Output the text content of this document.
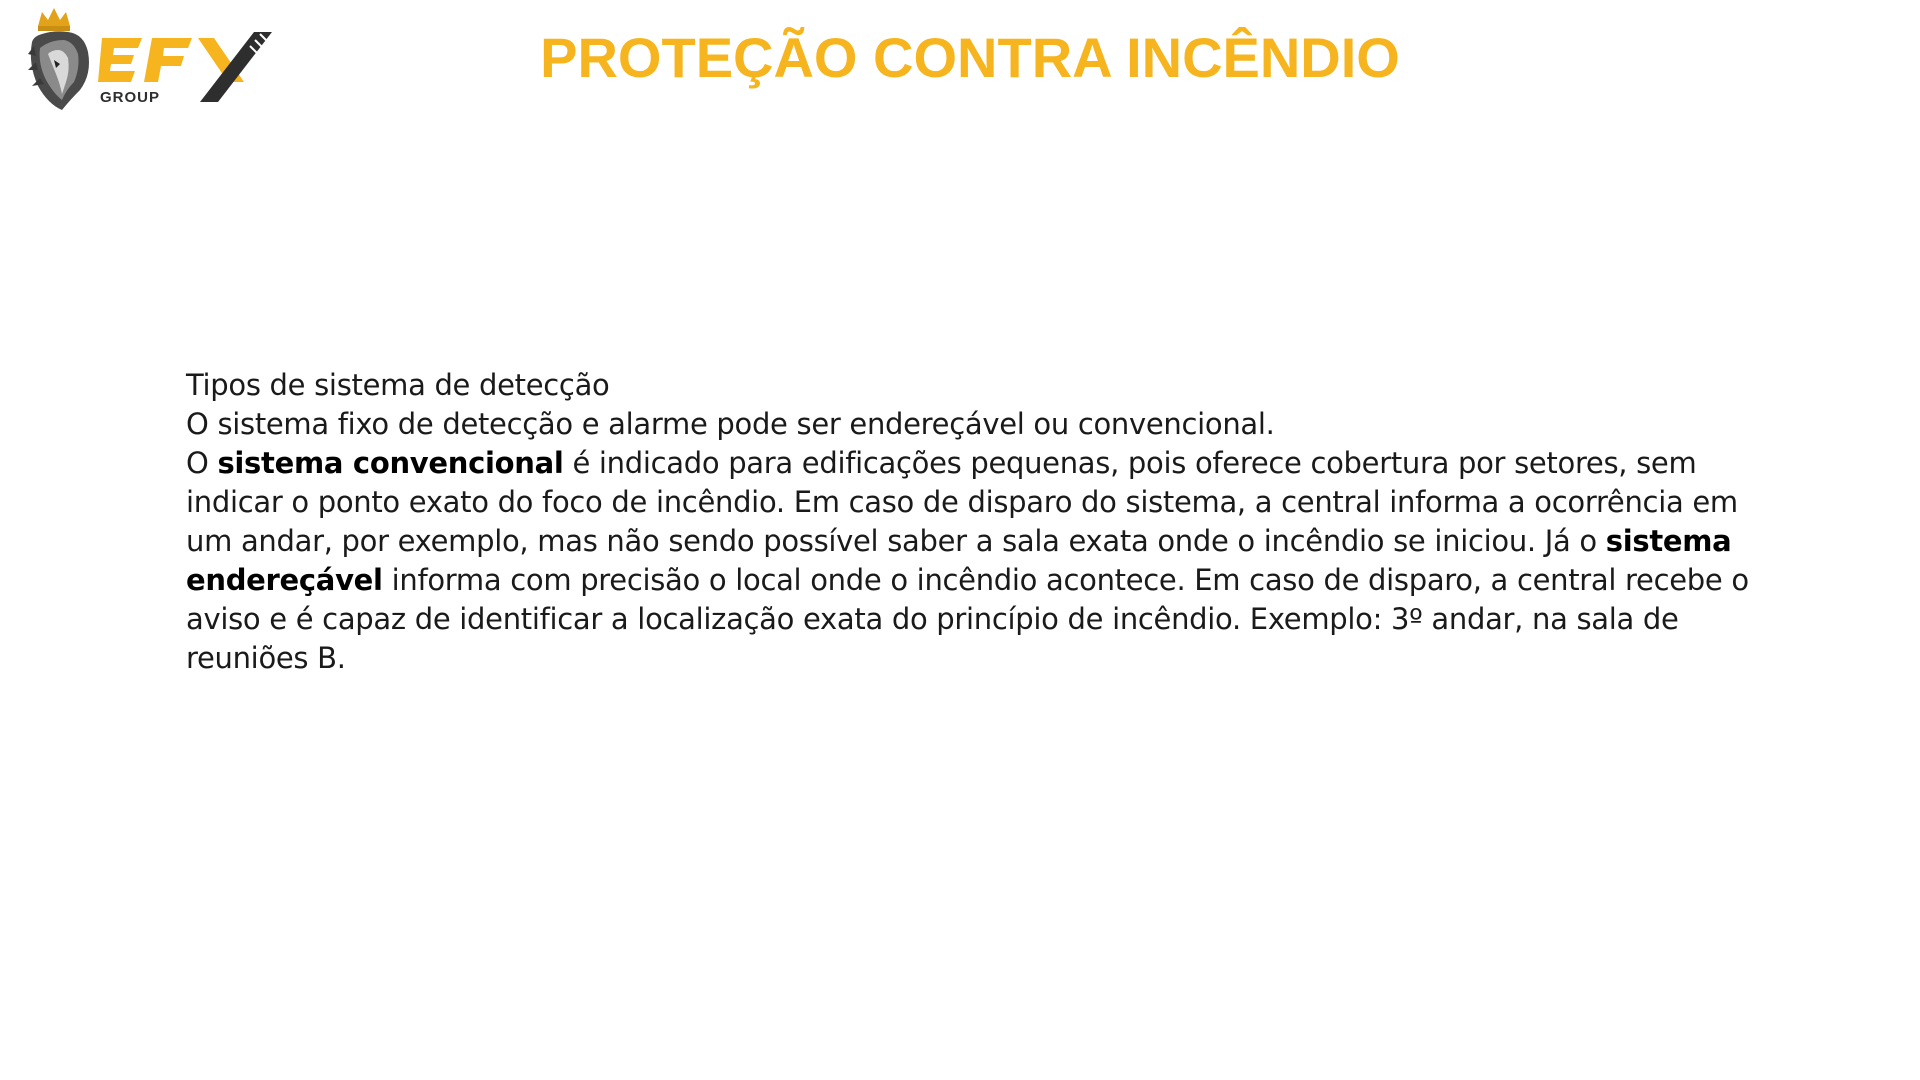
GROUP
PROTEÇÃO CONTRA INCÊNDIO

Tipos de sistema de detecção

O sistema fixo de detecção e alarme pode ser endereçável ou convencional.

O sistema convencional é indicado para edificações pequenas, pois oferece cobertura por setores, sem indicar o ponto exato do foco de incêndio. Em caso de disparo do sistema, a central informa a ocorrência em um andar, por exemplo, mas não sendo possível saber a sala exata onde o incêndio se iniciou. Já o sistema endereçável informa com precisão o local onde o incêndio acontece. Em caso de disparo, a central recebe o aviso e é capaz de identificar a localização exata do princípio de incêndio. Exemplo: 3º andar, na sala de reuniões B.
